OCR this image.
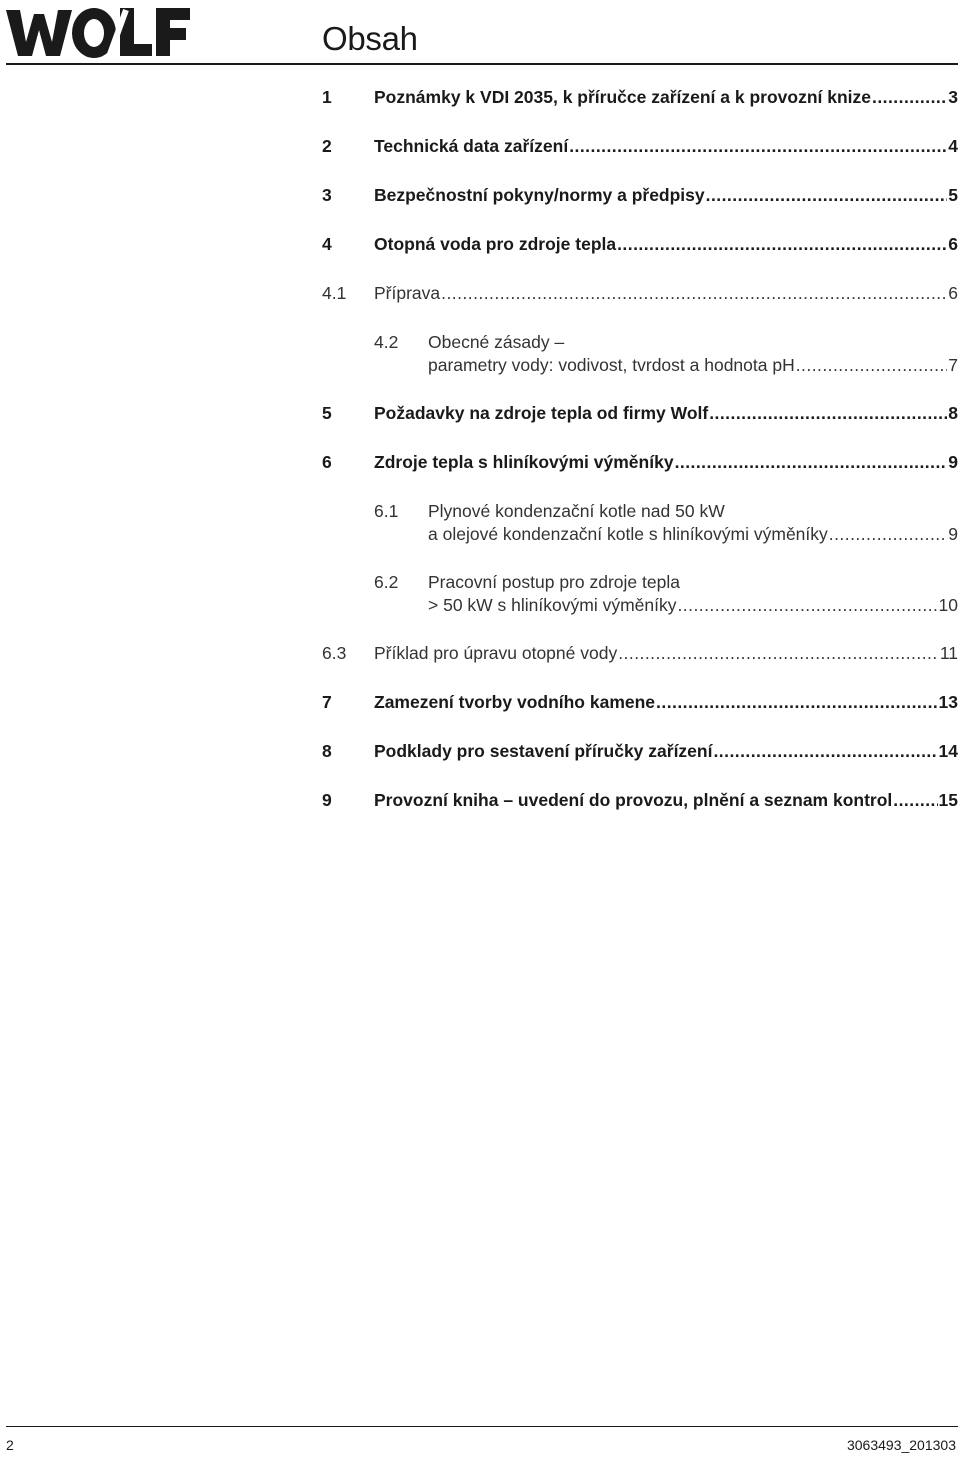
Obsah
1 Poznámky k VDI 2035, k příručce zařízení a k provozní knize . . .	3
2 Technická data zařízení . . .	4
3 Bezpečnostní pokyny/normy a předpisy . . .	5
4 Otopná voda pro zdroje tepla . . .	6
4.1 Příprava . . .	6
4.2 Obecné zásady –
parametry vody: vodivost, tvrdost a hodnota pH . . .	7
5 Požadavky na zdroje tepla od firmy Wolf . . .	8
6 Zdroje tepla s hliníkovými výměníky . . .	9
6.1 Plynové kondenzační kotle nad 50 kW
a olejové kondenzační kotle s hliníkovými výměníky . . .	9
6.2 Pracovní postup pro zdroje tepla
> 50 kW s hliníkovými výměníky . . .	10
6.3 Příklad pro úpravu otopné vody . . .	11
7 Zamezení tvorby vodního kamene . . .	13
8 Podklady pro sestavení příručky zařízení . . .	14
9 Provozní kniha – uvedení do provozu, plnění a seznam kontrol . . .	15
2	3063493_201303
